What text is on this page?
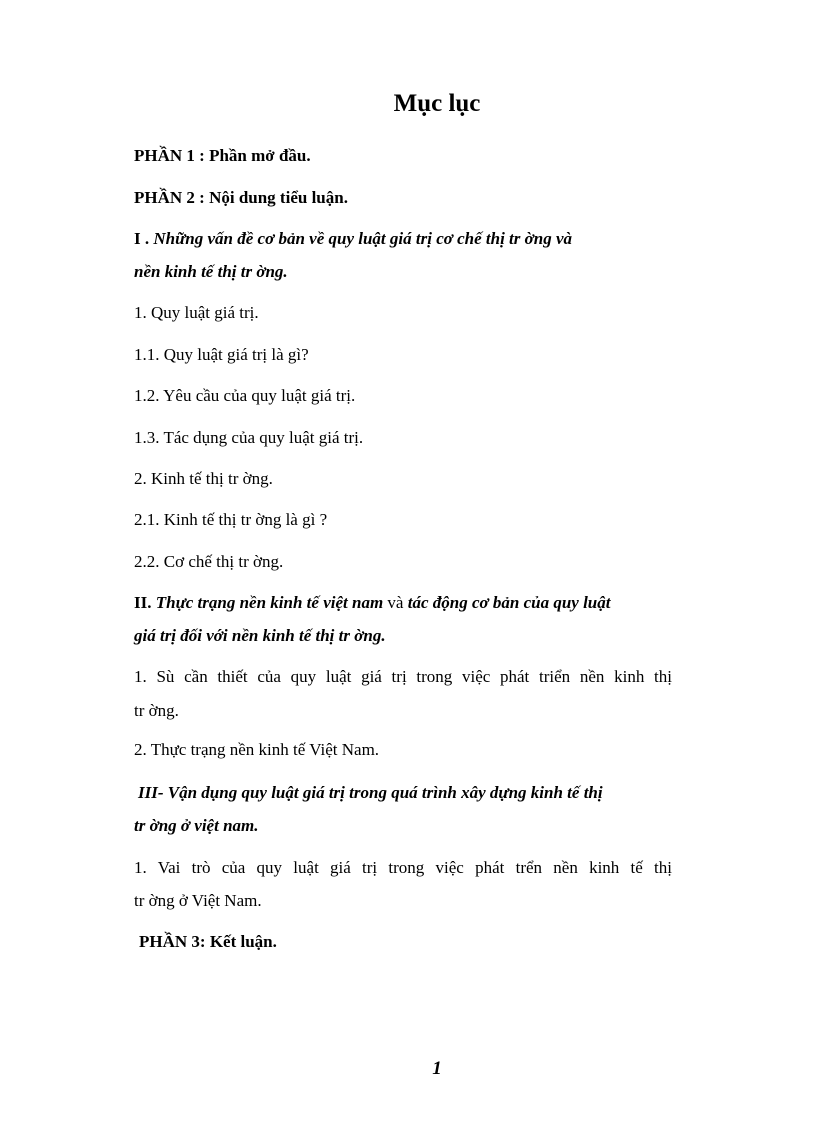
Mục lục

PHẦN 1 : Phần mở đầu.

PHẦN 2 : Nội dung tiểu luận.

I . Những vấn đề cơ bản về quy luật giá trị cơ chế thị tr ờng và

nền kinh tế thị tr ờng.

1. Quy luật giá trị.

1.1. Quy luật giá trị là gì?

1.2. Yêu cầu của quy luật giá trị.

1.3. Tác dụng của quy luật giá trị.

2. Kinh tế thị tr ờng.

2.1. Kinh tế thị tr ờng là gì ?

2.2. Cơ chế thị tr ờng.

II. Thực trạng nền kinh tế việt nam và tác động cơ bản của quy luật

giá trị đối với nền kinh tế thị tr ờng.

1. Sù cần thiết của quy luật giá trị trong việc phát triển nền kinh thị

tr ờng.

2. Thực trạng nền kinh tế Việt Nam.

III- Vận dụng quy luật giá trị trong quá trình xây dựng kinh tế thị

tr ờng ở việt nam.

1. Vai trò của quy luật giá trị trong việc phát trển nền kinh tế thị

tr ờng ở Việt Nam.

PHẦN 3: Kết luận.

1
